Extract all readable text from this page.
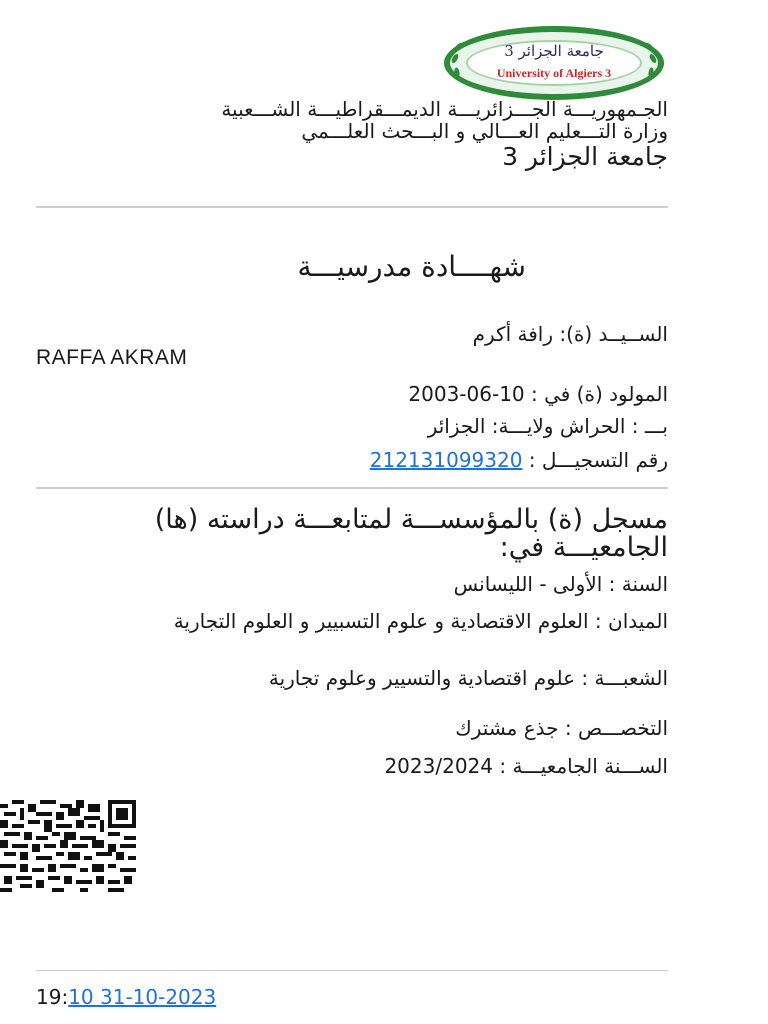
جامعة الجزائر 3
University of Algiers 3
الجـمهوريـــة الجـــزائريـــة الديمـــقراطيـــة الشـــعبية
وزارة التـــعليم العـــالي و البـــحث العلـــمي
جامعة الجزائر 3
شهــــادة مدرسيـــة
الســيــد (ة): رافة أكرم
RAFFA AKRAM
المولود (ة) في : 10-06-2003
بـــ : الحراش ولايـــة: الجزائر
رقم التسجيـــل : 212131099320
مسجل (ة) بالمؤسســـة لمتابعـــة دراسته (ها) الجامعيـــة في:
السنة : الأولى - الليسانس
الميدان : العلوم الاقتصادية و علوم التسبيير و العلوم التجارية
الشعبـــة : علوم اقتصادية والتسيير وعلوم تجارية
التخصـــص : جذع مشترك
الســـنة الجامعيـــة : 2023/2024
19:10 31-10-2023
